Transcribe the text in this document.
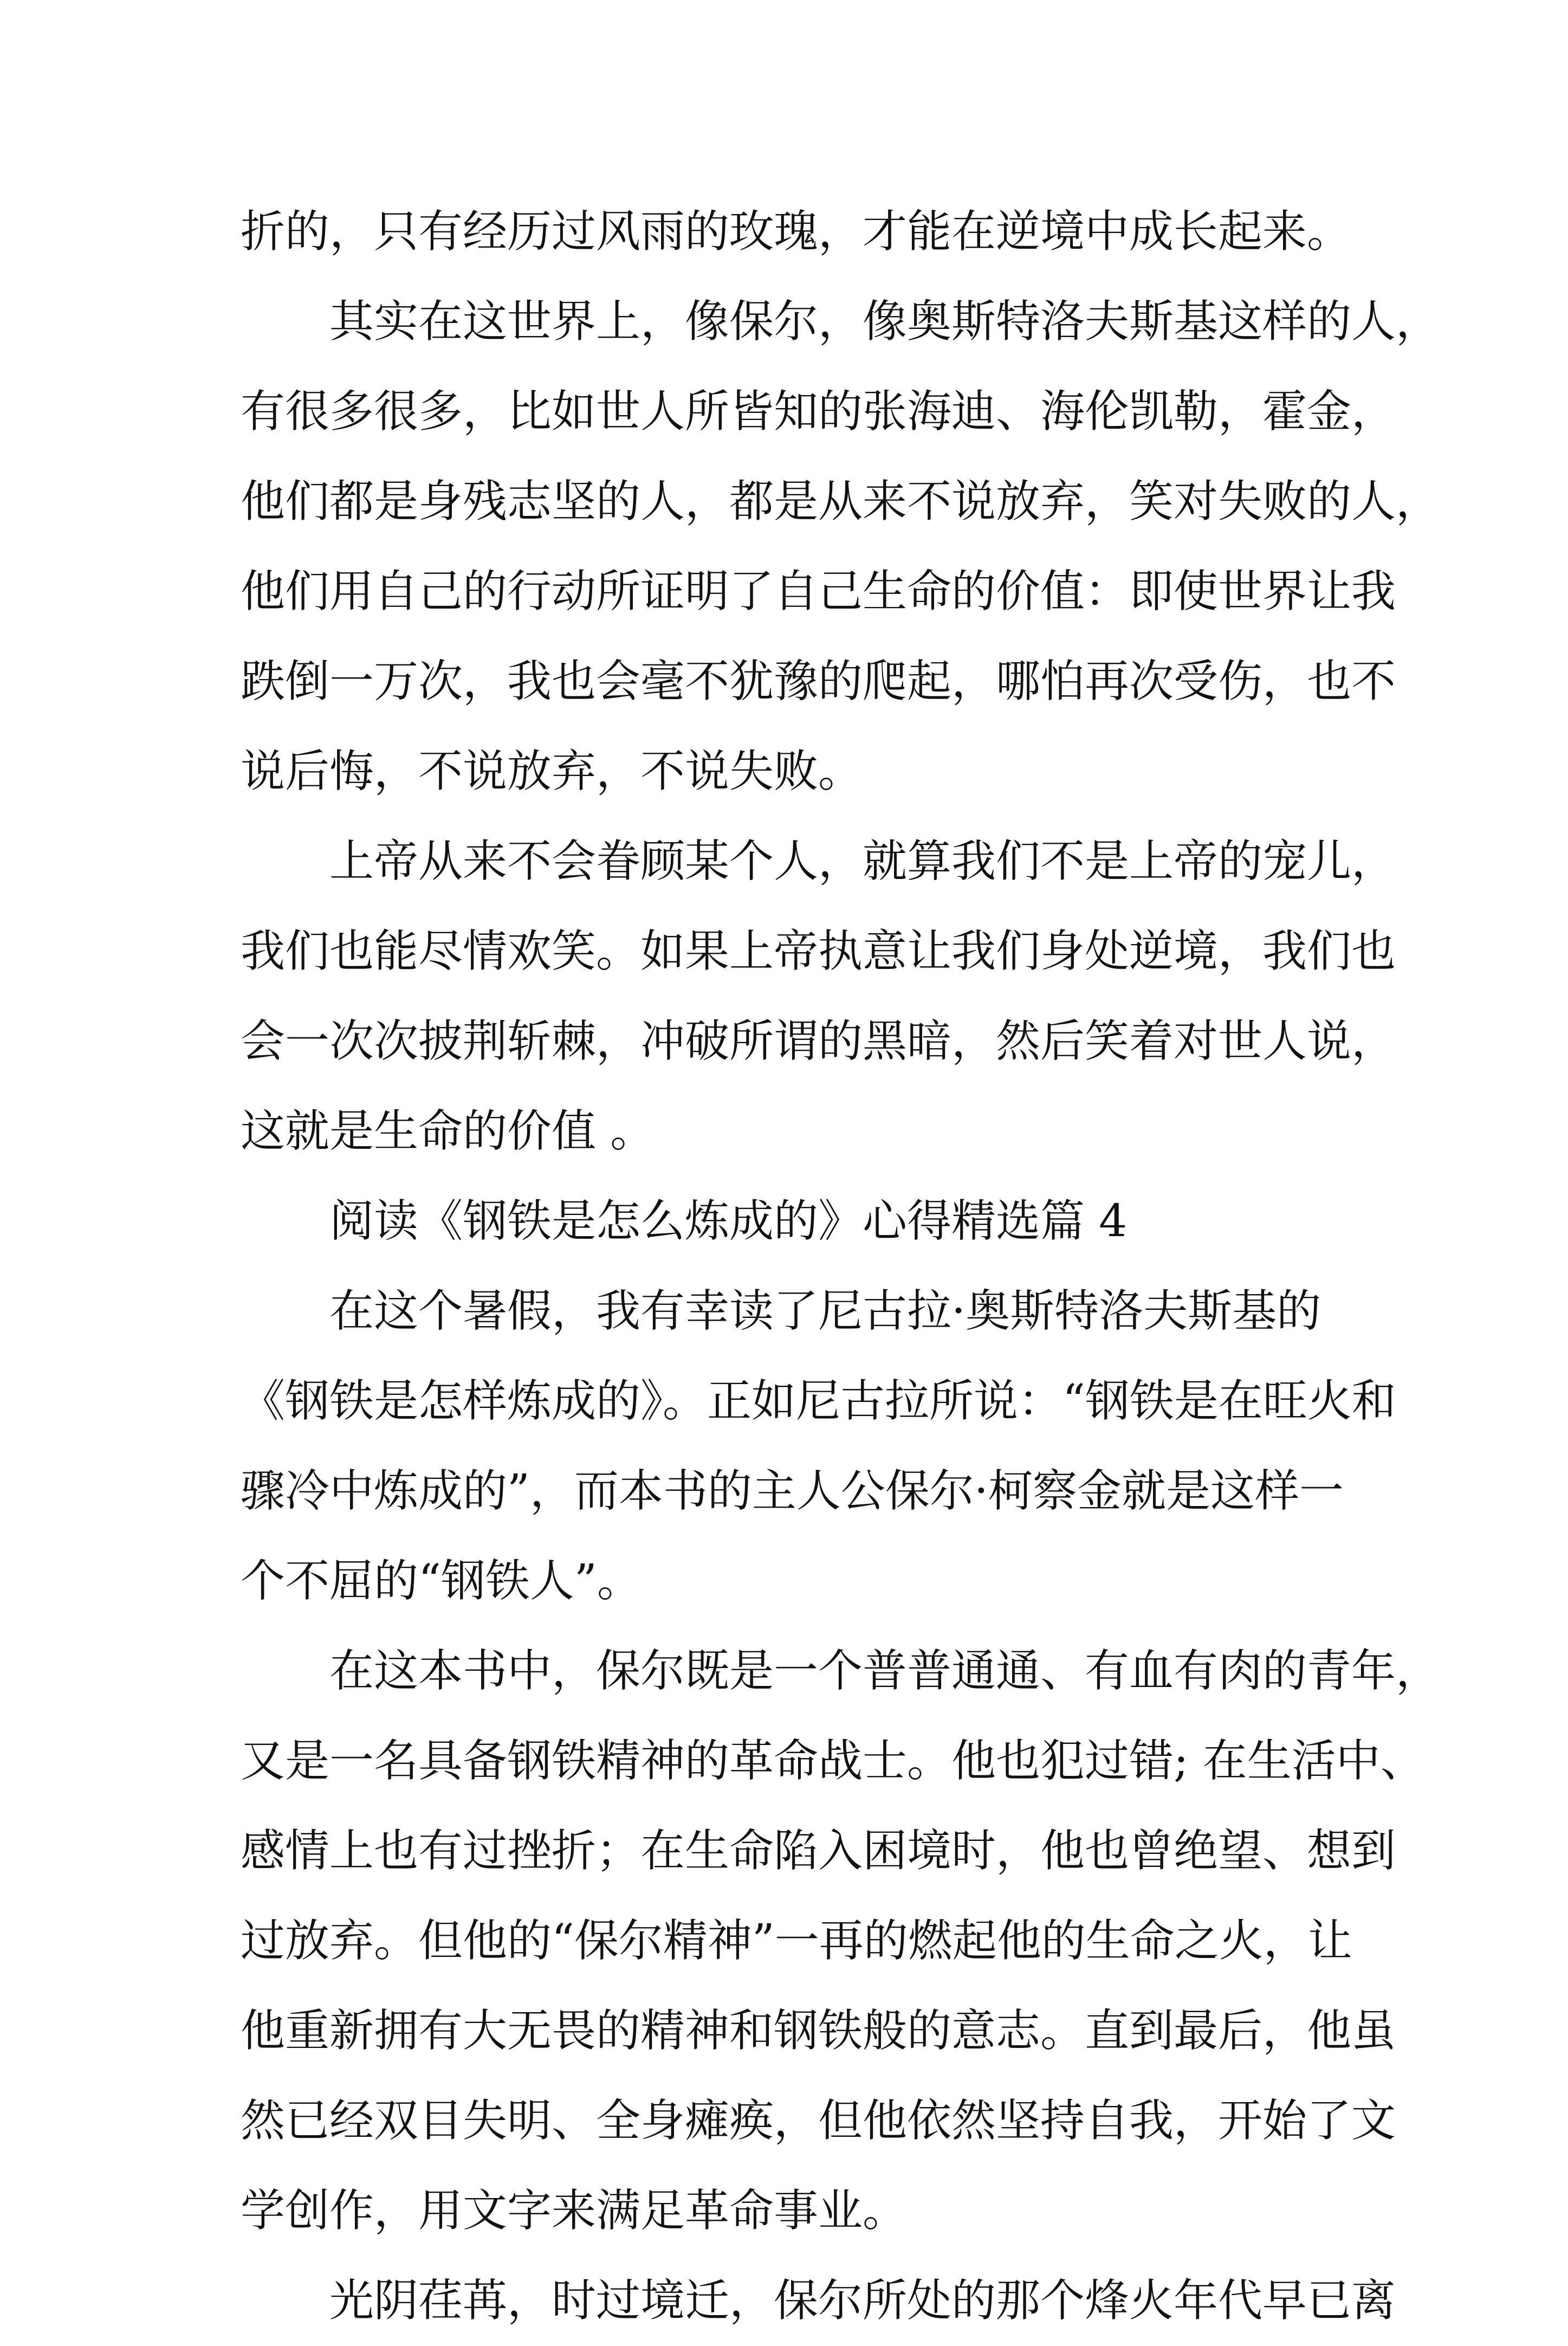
折的，只有经历过风雨的玫瑰，才能在逆境中成长起来。
其实在这世界上，像保尔，像奥斯特洛夫斯基这样的人，
有很多很多，比如世人所皆知的张海迪、海伦凯勒，霍金，
他们都是身残志坚的人，都是从来不说放弃，笑对失败的人，
他们用自己的行动所证明了自己生命的价值：即使世界让我
跌倒一万次，我也会毫不犹豫的爬起，哪怕再次受伤，也不
说后悔，不说放弃，不说失败。
上帝从来不会眷顾某个人，就算我们不是上帝的宠儿，
我们也能尽情欢笑。如果上帝执意让我们身处逆境，我们也
会一次次披荆斩棘，冲破所谓的黑暗，然后笑着对世人说，
这就是生命的价值 。
阅读《钢铁是怎么炼成的》心得精选篇 4
在这个暑假，我有幸读了尼古拉·奥斯特洛夫斯基的
《钢铁是怎样炼成的》。正如尼古拉所说：“钢铁是在旺火和
骤冷中炼成的”，而本书的主人公保尔·柯察金就是这样一
个不屈的“钢铁人”。
在这本书中，保尔既是一个普普通通、有血有肉的青年，
又是一名具备钢铁精神的革命战士。他也犯过错; 在生活中、
感情上也有过挫折；在生命陷入困境时，他也曾绝望、想到
过放弃。但他的“保尔精神”一再的燃起他的生命之火，让
他重新拥有大无畏的精神和钢铁般的意志。直到最后，他虽
然已经双目失明、全身瘫痪，但他依然坚持自我，开始了文
学创作，用文字来满足革命事业。
光阴荏苒，时过境迁，保尔所处的那个烽火年代早已离
